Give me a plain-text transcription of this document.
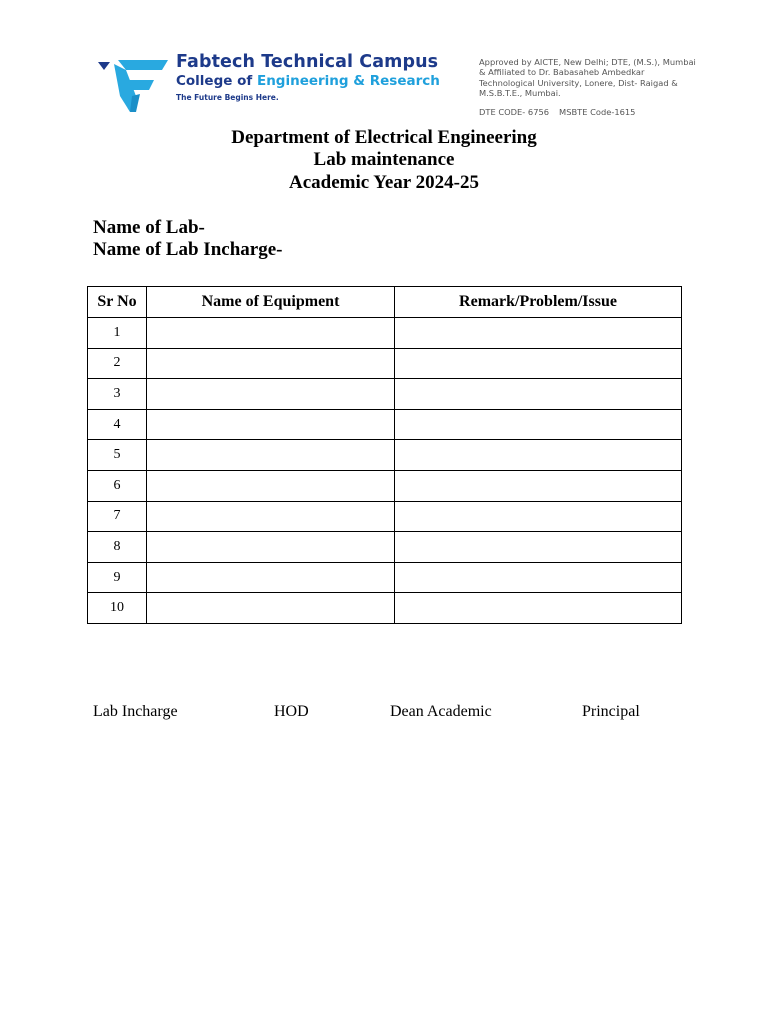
Fabtech Technical Campus
College of Engineering & Research
The Future Begins Here.
Approved by AICTE, New Delhi; DTE, (M.S.), Mumbai & Affiliated to Dr. Babasaheb Ambedkar Technological University, Lonere, Dist- Raigad & M.S.B.T.E., Mumbai.
DTE CODE- 6756 MSBTE Code-1615
Department of Electrical Engineering
Lab maintenance
Academic Year 2024-25
Name of Lab-
Name of Lab Incharge-
Sr No	Name of Equipment	Remark/Problem/Issue
1		
2		
3		
4		
5		
6		
7		
8		
9		
10		
Lab Incharge	HOD	Dean Academic	Principal
